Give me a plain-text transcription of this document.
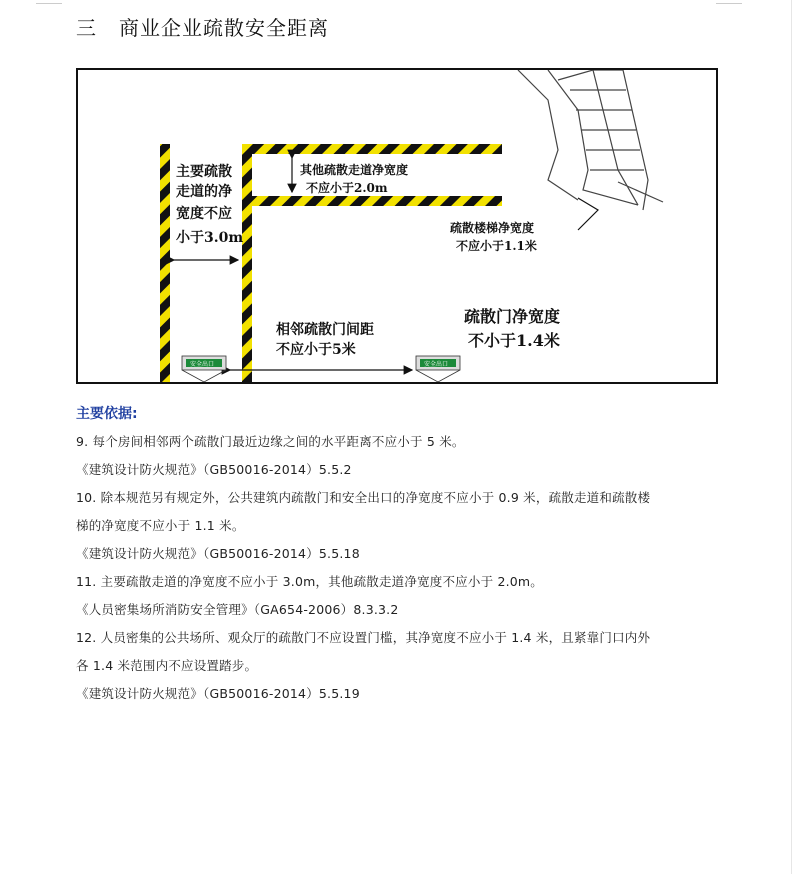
三 商业企业疏散安全距离
主要疏散
走道的净
宽度不应
小于3.0m
其他疏散走道净宽度
不应小于2.0m
疏散楼梯净宽度
不应小于1.1米
相邻疏散门间距
不应小于5米
疏散门净宽度
不小于1.4米
安全出口	安全出口
主要依据:
9. 每个房间相邻两个疏散门最近边缘之间的水平距离不应小于 5 米。
《建筑设计防火规范》（GB50016-2014）5.5.2
10. 除本规范另有规定外，公共建筑内疏散门和安全出口的净宽度不应小于 0.9 米，疏散走道和疏散楼
梯的净宽度不应小于 1.1 米。
《建筑设计防火规范》（GB50016-2014）5.5.18
11. 主要疏散走道的净宽度不应小于 3.0m，其他疏散走道净宽度不应小于 2.0m。
《人员密集场所消防安全管理》（GA654-2006）8.3.3.2
12. 人员密集的公共场所、观众厅的疏散门不应设置门槛，其净宽度不应小于 1.4 米，且紧靠门口内外
各 1.4 米范围内不应设置踏步。
《建筑设计防火规范》（GB50016-2014）5.5.19
